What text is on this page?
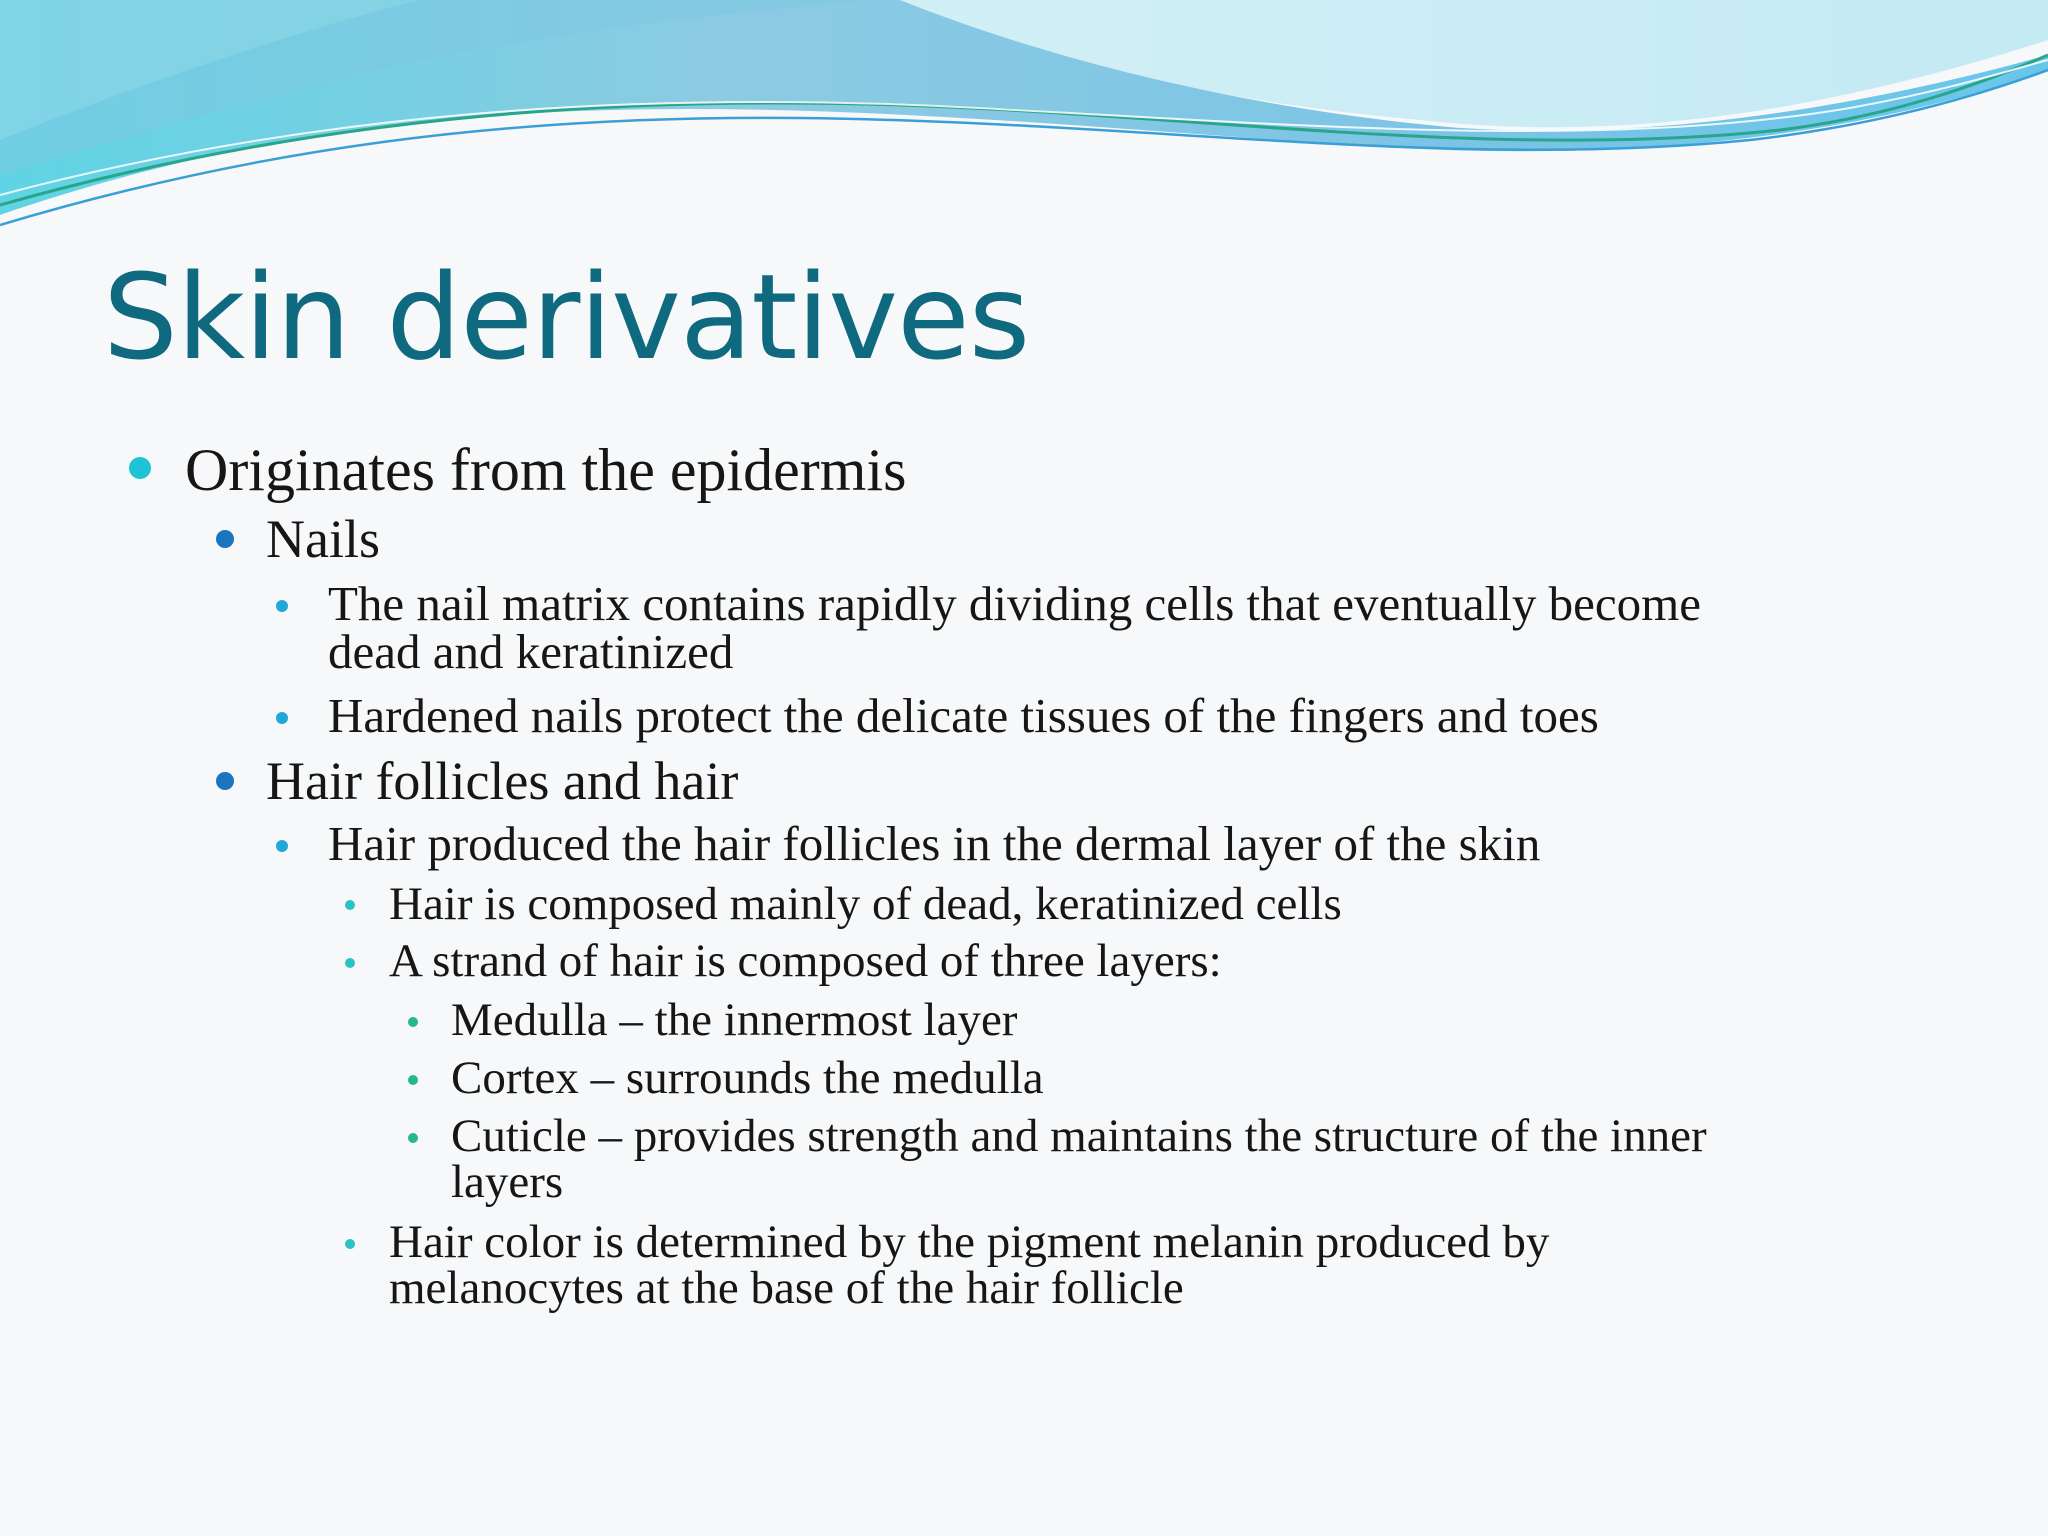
Skin derivatives

Originates from the epidermis

Nails

The nail matrix contains rapidly dividing cells that eventually become

dead and keratinized

Hardened nails protect the delicate tissues of the fingers and toes

Hair follicles and hair

Hair produced the hair follicles in the dermal layer of the skin

Hair is composed mainly of dead, keratinized cells

A strand of hair is composed of three layers:

Medulla – the innermost layer

Cortex – surrounds the medulla

Cuticle – provides strength and maintains the structure of the inner

layers

Hair color is determined by the pigment melanin produced by

melanocytes at the base of the hair follicle
